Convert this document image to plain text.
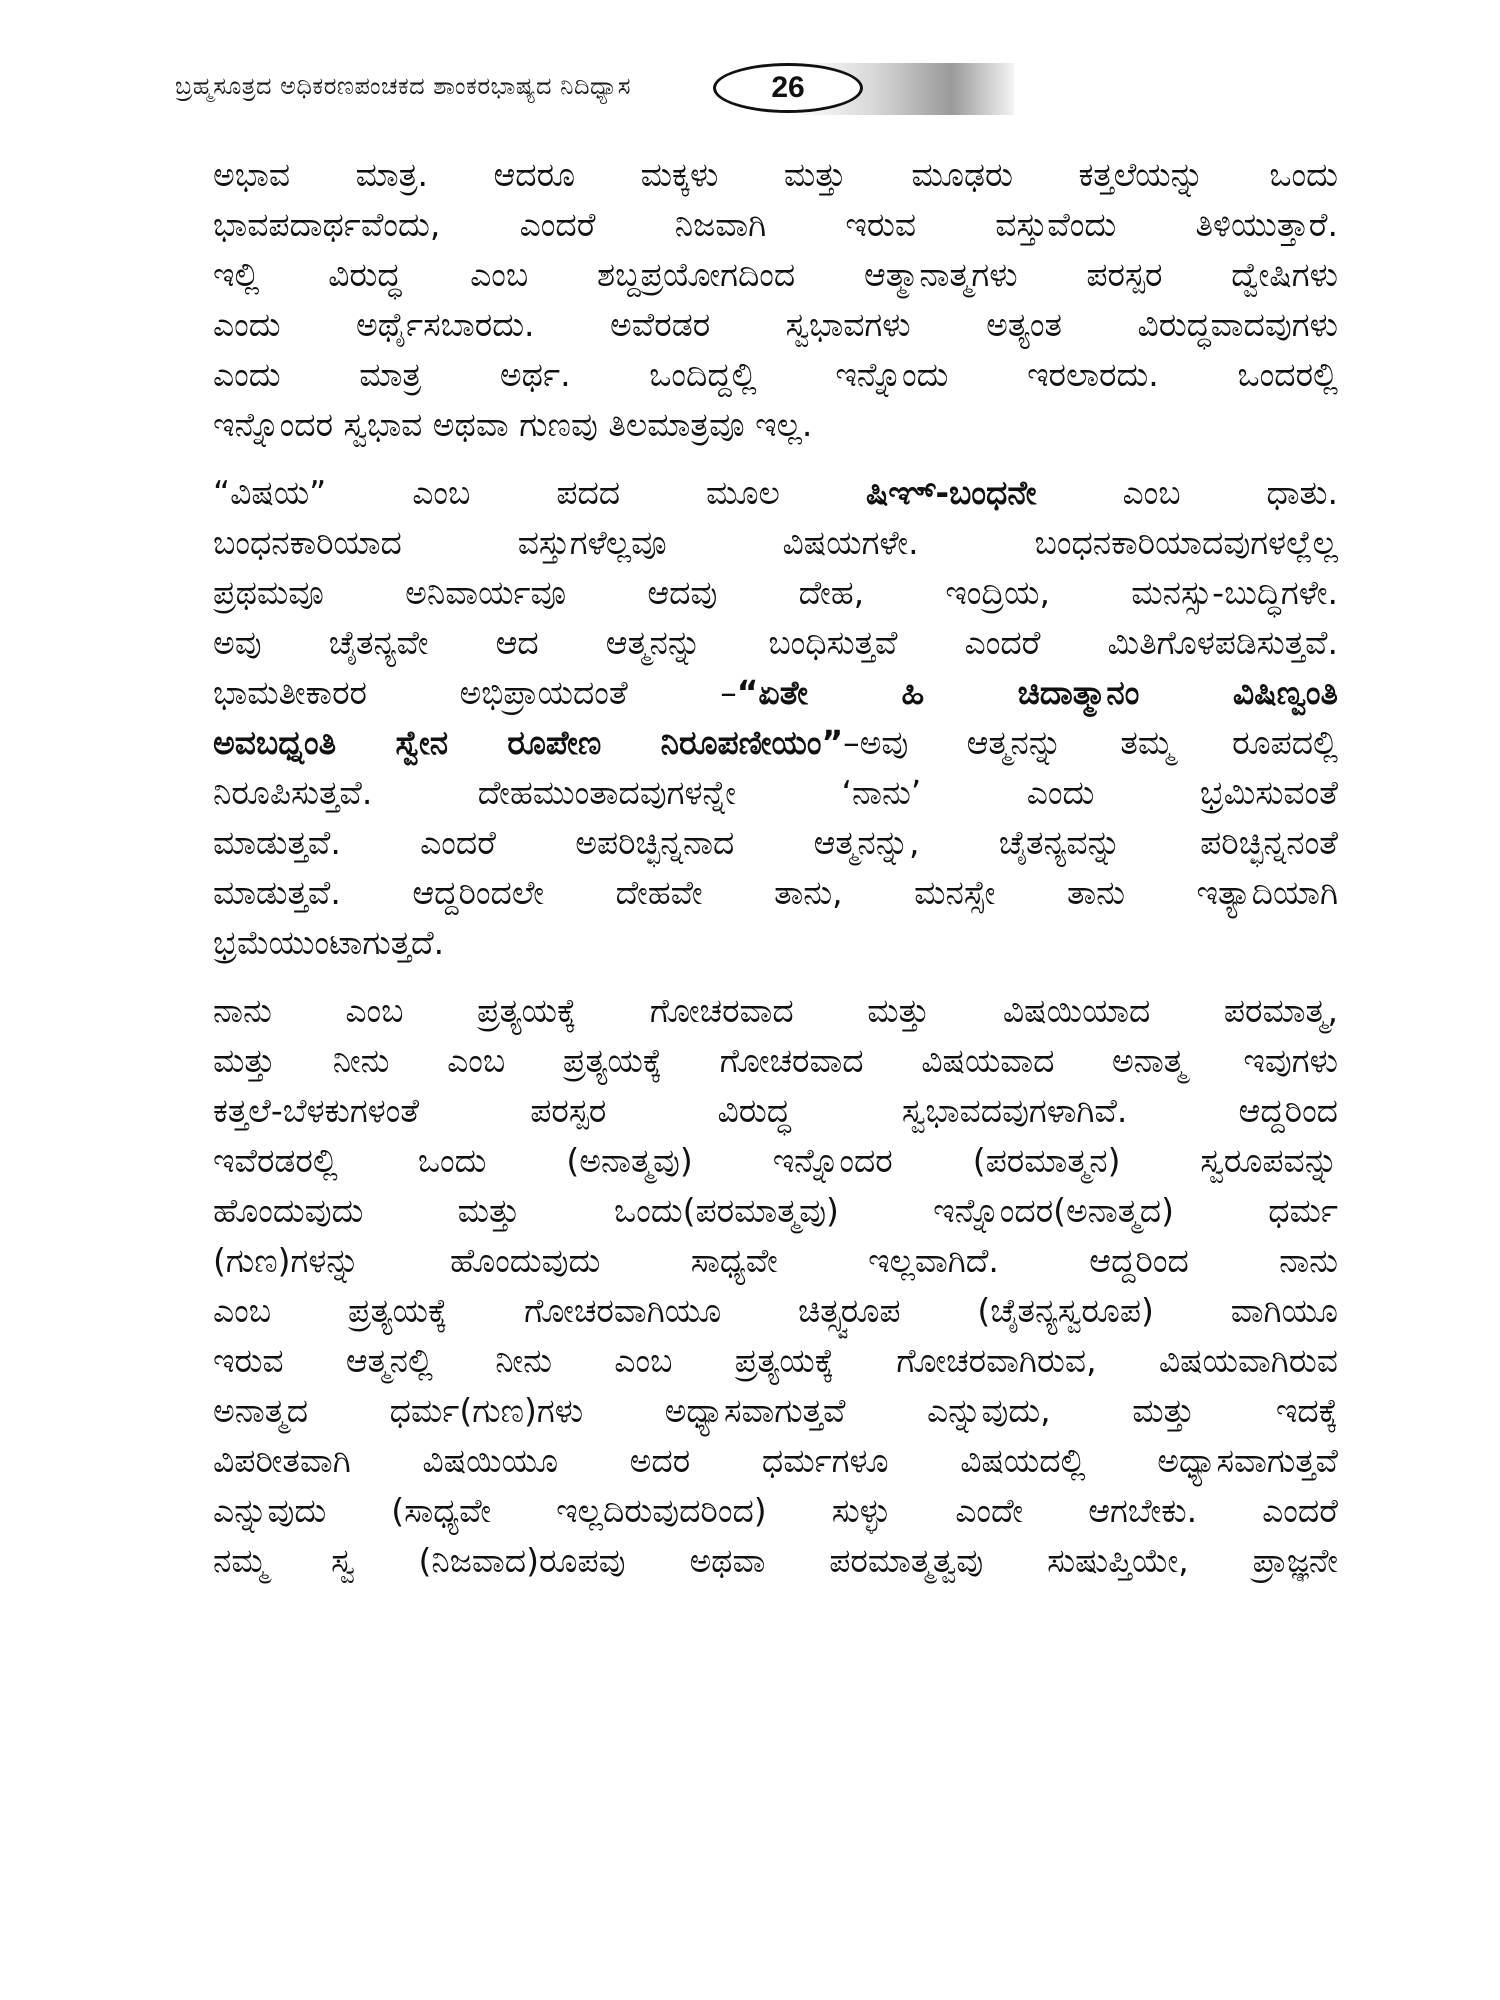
ಬ್ರಹ್ಮಸೂತ್ರದ ಅಧಿಕರಣಪಂಚಕದ ಶಾಂಕರಭಾಷ್ಯದ ನಿದಿಧ್ಯಾಸ	26
ಅಭಾವ ಮಾತ್ರ. ಆದರೂ ಮಕ್ಕಳು ಮತ್ತು ಮೂಢರು ಕತ್ತಲೆಯನ್ನು ಒಂದು
ಭಾವಪದಾರ್ಥವೆಂದು, ಎಂದರೆ ನಿಜವಾಗಿ ಇರುವ ವಸ್ತುವೆಂದು ತಿಳಿಯುತ್ತಾರೆ.
ಇಲ್ಲಿ ವಿರುದ್ಧ ಎಂಬ ಶಬ್ದಪ್ರಯೋಗದಿಂದ ಆತ್ಮಾನಾತ್ಮಗಳು ಪರಸ್ಪರ ದ್ವೇಷಿಗಳು
ಎಂದು ಅರ್ಥೈಸಬಾರದು. ಅವೆರಡರ ಸ್ವಭಾವಗಳು ಅತ್ಯಂತ ವಿರುದ್ಧವಾದವುಗಳು
ಎಂದು ಮಾತ್ರ ಅರ್ಥ. ಒಂದಿದ್ದಲ್ಲಿ ಇನ್ನೊಂದು ಇರಲಾರದು. ಒಂದರಲ್ಲಿ
ಇನ್ನೊಂದರ ಸ್ವಭಾವ ಅಥವಾ ಗುಣವು ತಿಲಮಾತ್ರವೂ ಇಲ್ಲ.
“ವಿಷಯ” ಎಂಬ ಪದದ ಮೂಲ ಷಿಞ್-ಬಂಧನೇ ಎಂಬ ಧಾತು.
ಬಂಧನಕಾರಿಯಾದ ವಸ್ತುಗಳೆಲ್ಲವೂ ವಿಷಯಗಳೇ. ಬಂಧನಕಾರಿಯಾದವುಗಳಲ್ಲೆಲ್ಲ
ಪ್ರಥಮವೂ ಅನಿವಾರ್ಯವೂ ಆದವು ದೇಹ, ಇಂದ್ರಿಯ, ಮನಸ್ಸು-ಬುದ್ಧಿಗಳೇ.
ಅವು ಚೈತನ್ಯವೇ ಆದ ಆತ್ಮನನ್ನು ಬಂಧಿಸುತ್ತವೆ ಎಂದರೆ ಮಿತಿಗೊಳಪಡಿಸುತ್ತವೆ.
ಭಾಮತೀಕಾರರ ಅಭಿಪ್ರಾಯದಂತೆ –“ಏತೇ ಹಿ ಚಿದಾತ್ಮಾನಂ ವಿಷಿಣ್ವಂತಿ
ಅವಬಧ್ನಂತಿ ಸ್ವೇನ ರೂಪೇಣ ನಿರೂಪಣೀಯಂ”–ಅವು ಆತ್ಮನನ್ನು ತಮ್ಮ ರೂಪದಲ್ಲಿ
ನಿರೂಪಿಸುತ್ತವೆ. ದೇಹಮುಂತಾದವುಗಳನ್ನೇ ‘ನಾನು’ ಎಂದು ಭ್ರಮಿಸುವಂತೆ
ಮಾಡುತ್ತವೆ. ಎಂದರೆ ಅಪರಿಚ್ಛಿನ್ನನಾದ ಆತ್ಮನನ್ನು, ಚೈತನ್ಯವನ್ನು ಪರಿಚ್ಛಿನ್ನನಂತೆ
ಮಾಡುತ್ತವೆ. ಆದ್ದರಿಂದಲೇ ದೇಹವೇ ತಾನು, ಮನಸ್ಸೇ ತಾನು ಇತ್ಯಾದಿಯಾಗಿ
ಭ್ರಮೆಯುಂಟಾಗುತ್ತದೆ.
ನಾನು ಎಂಬ ಪ್ರತ್ಯಯಕ್ಕೆ ಗೋಚರವಾದ ಮತ್ತು ವಿಷಯಿಯಾದ ಪರಮಾತ್ಮ,
ಮತ್ತು ನೀನು ಎಂಬ ಪ್ರತ್ಯಯಕ್ಕೆ ಗೋಚರವಾದ ವಿಷಯವಾದ ಅನಾತ್ಮ ಇವುಗಳು
ಕತ್ತಲೆ-ಬೆಳಕುಗಳಂತೆ ಪರಸ್ಪರ ವಿರುದ್ಧ ಸ್ವಭಾವದವುಗಳಾಗಿವೆ. ಆದ್ದರಿಂದ
ಇವೆರಡರಲ್ಲಿ ಒಂದು (ಅನಾತ್ಮವು) ಇನ್ನೊಂದರ (ಪರಮಾತ್ಮನ) ಸ್ವರೂಪವನ್ನು
ಹೊಂದುವುದು ಮತ್ತು ಒಂದು(ಪರಮಾತ್ಮವು) ಇನ್ನೊಂದರ(ಅನಾತ್ಮದ) ಧರ್ಮ
(ಗುಣ)ಗಳನ್ನು ಹೊಂದುವುದು ಸಾಧ್ಯವೇ ಇಲ್ಲವಾಗಿದೆ. ಆದ್ದರಿಂದ ನಾನು
ಎಂಬ ಪ್ರತ್ಯಯಕ್ಕೆ ಗೋಚರವಾಗಿಯೂ ಚಿತ್ಸ್ವರೂಪ (ಚೈತನ್ಯಸ್ವರೂಪ) ವಾಗಿಯೂ
ಇರುವ ಆತ್ಮನಲ್ಲಿ ನೀನು ಎಂಬ ಪ್ರತ್ಯಯಕ್ಕೆ ಗೋಚರವಾಗಿರುವ, ವಿಷಯವಾಗಿರುವ
ಅನಾತ್ಮದ ಧರ್ಮ(ಗುಣ)ಗಳು ಅಧ್ಯಾಸವಾಗುತ್ತವೆ ಎನ್ನುವುದು, ಮತ್ತು ಇದಕ್ಕೆ
ವಿಪರೀತವಾಗಿ ವಿಷಯಿಯೂ ಅದರ ಧರ್ಮಗಳೂ ವಿಷಯದಲ್ಲಿ ಅಧ್ಯಾಸವಾಗುತ್ತವೆ
ಎನ್ನುವುದು (ಸಾಧ್ಯವೇ ಇಲ್ಲದಿರುವುದರಿಂದ) ಸುಳ್ಳು ಎಂದೇ ಆಗಬೇಕು. ಎಂದರೆ
ನಮ್ಮ ಸ್ವ (ನಿಜವಾದ)ರೂಪವು ಅಥವಾ ಪರಮಾತ್ಮತ್ವವು ಸುಷುಪ್ತಿಯೇ, ಪ್ರಾಜ್ಞನೇ
